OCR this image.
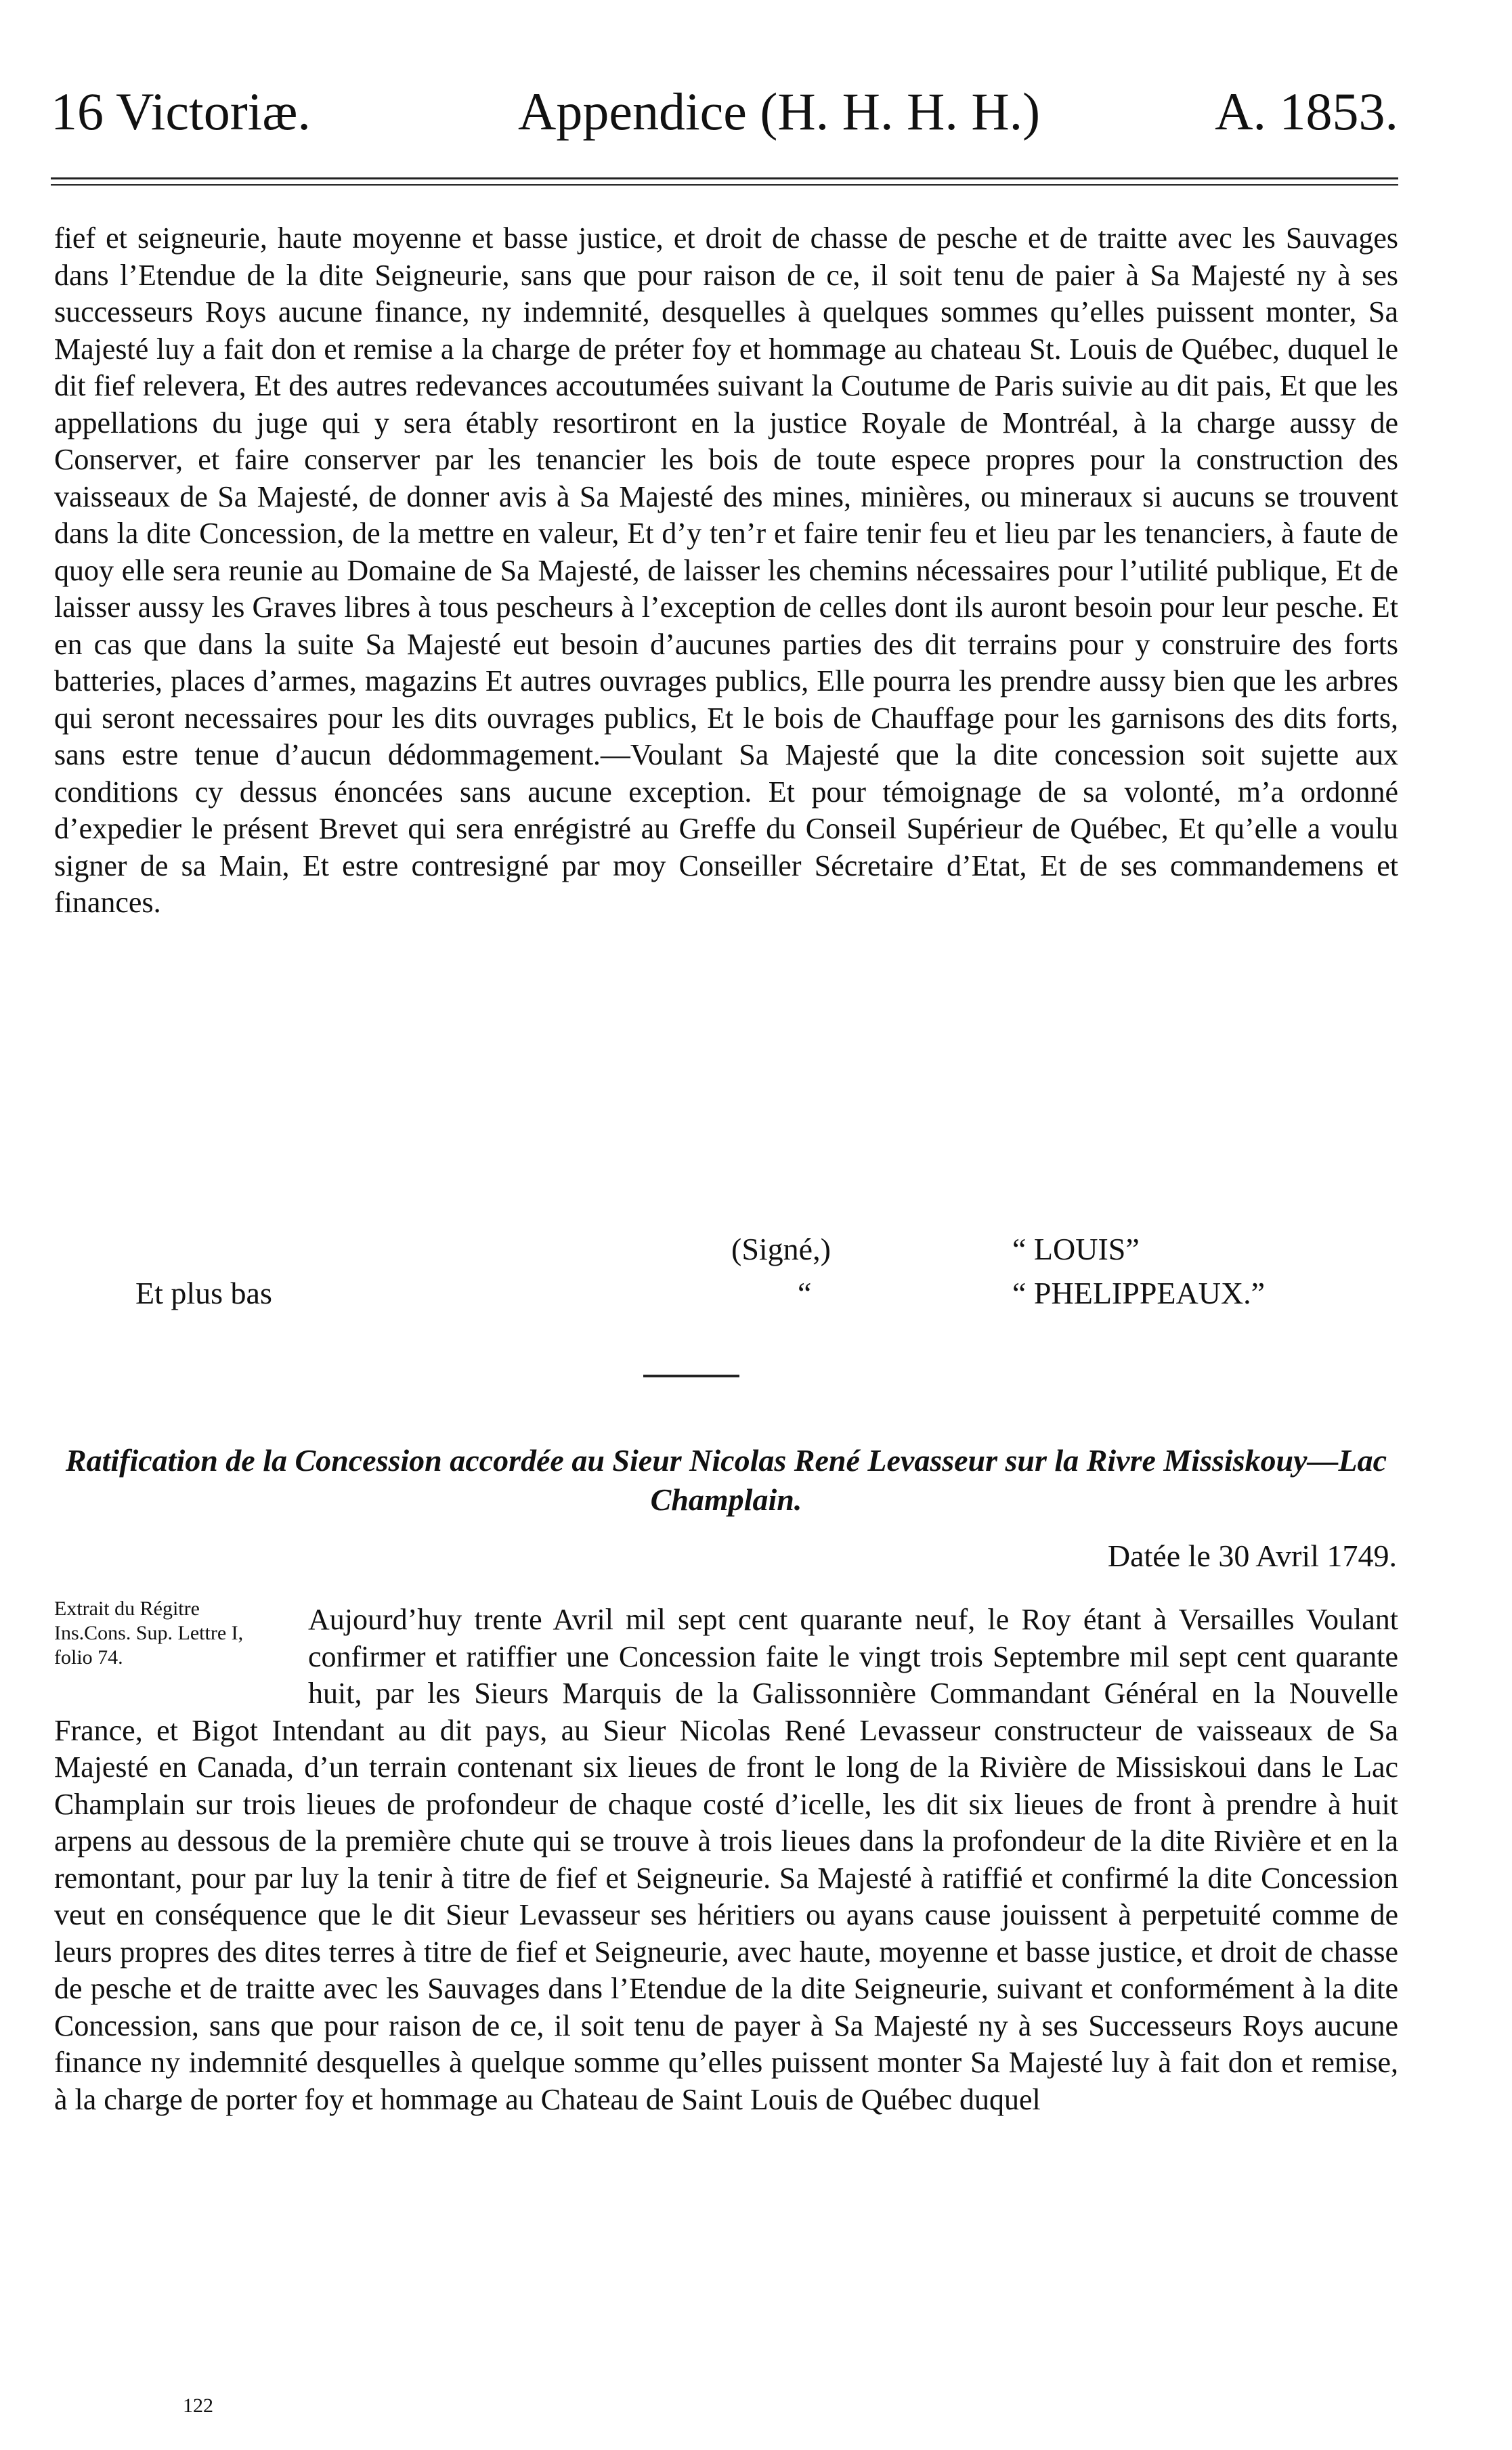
16 Victoriæ.	Appendice (H. H. H. H.)	A. 1853.
fief et seigneurie, haute moyenne et basse justice, et droit de chasse de pesche et de traitte avec les Sauvages dans l’Etendue de la dite Seigneurie, sans que pour raison de ce, il soit tenu de paier à Sa Majesté ny à ses successeurs Roys aucune finance, ny indemnité, desquelles à quelques sommes qu’elles puissent monter, Sa Majesté luy a fait don et remise a la charge de préter foy et hommage au chateau St. Louis de Québec, duquel le dit fief relevera, Et des autres redevances accoutumées suivant la Coutume de Paris suivie au dit pais, Et que les appellations du juge qui y sera étably resortiront en la justice Royale de Montréal, à la charge aussy de Conserver, et faire conserver par les tenancier les bois de toute espece propres pour la construction des vaisseaux de Sa Majesté, de donner avis à Sa Majesté des mines, minières, ou mineraux si aucuns se trouvent dans la dite Concession, de la mettre en valeur, Et d’y ten’r et faire tenir feu et lieu par les tenanciers, à faute de quoy elle sera reunie au Domaine de Sa Majesté, de laisser les chemins nécessaires pour l’utilité publique, Et de laisser aussy les Graves libres à tous pescheurs à l’exception de celles dont ils auront besoin pour leur pesche. Et en cas que dans la suite Sa Majesté eut besoin d’aucunes parties des dit terrains pour y construire des forts batteries, places d’armes, magazins Et autres ouvrages publics, Elle pourra les prendre aussy bien que les arbres qui seront necessaires pour les dits ouvrages publics, Et le bois de Chauffage pour les garnisons des dits forts, sans estre tenue d’aucun dédommagement.—Voulant Sa Majesté que la dite concession soit sujette aux conditions cy dessus énoncées sans aucune exception. Et pour témoignage de sa volonté, m’a ordonné d’expedier le présent Brevet qui sera enrégistré au Greffe du Conseil Supérieur de Québec, Et qu’elle a voulu signer de sa Main, Et estre contresigné par moy Conseiller Sécretaire d’Etat, Et de ses commandemens et finances.
(Signé,)	“ LOUIS”
Et plus bas	“	“ PHELIPPEAUX.”
Ratification de la Concession accordée au Sieur Nicolas René Levasseur sur la Rivre Missiskouy—Lac Champlain.
Datée le 30 Avril 1749.
Aujourd’huy trente Avril mil sept cent quarante neuf, le Roy étant à Versailles Voulant confirmer et ratiffier une Concession faite le vingt trois Septembre mil sept cent quarante huit, par les Sieurs Marquis de la Galissonnière Commandant Général en la Nouvelle France, et Bigot Intendant au dit pays, au Sieur Nicolas René Levasseur constructeur de vaisseaux de Sa Majesté en Canada, d’un terrain contenant six lieues de front le long de la Rivière de Missiskoui dans le Lac Champlain sur trois lieues de profondeur de chaque costé d’icelle, les dit six lieues de front à prendre à huit arpens au dessous de la première chute qui se trouve à trois lieues dans la profondeur de la dite Rivière et en la remontant, pour par luy la tenir à titre de fief et Seigneurie. Sa Majesté à ratiffié et confirmé la dite Concession veut en conséquence que le dit Sieur Levasseur ses héritiers ou ayans cause jouissent à perpetuité comme de leurs propres des dites terres à titre de fief et Seigneurie, avec haute, moyenne et basse justice, et droit de chasse de pesche et de traitte avec les Sauvages dans l’Etendue de la dite Seigneurie, suivant et conformément à la dite Concession, sans que pour raison de ce, il soit tenu de payer à Sa Majesté ny à ses Successeurs Roys aucune finance ny indemnité desquelles à quelque somme qu’elles puissent monter Sa Majesté luy à fait don et remise, à la charge de porter foy et hommage au Chateau de Saint Louis de Québec duquel
Extrait du Régitre Ins.Cons. Sup. Lettre I, folio 74.
122
